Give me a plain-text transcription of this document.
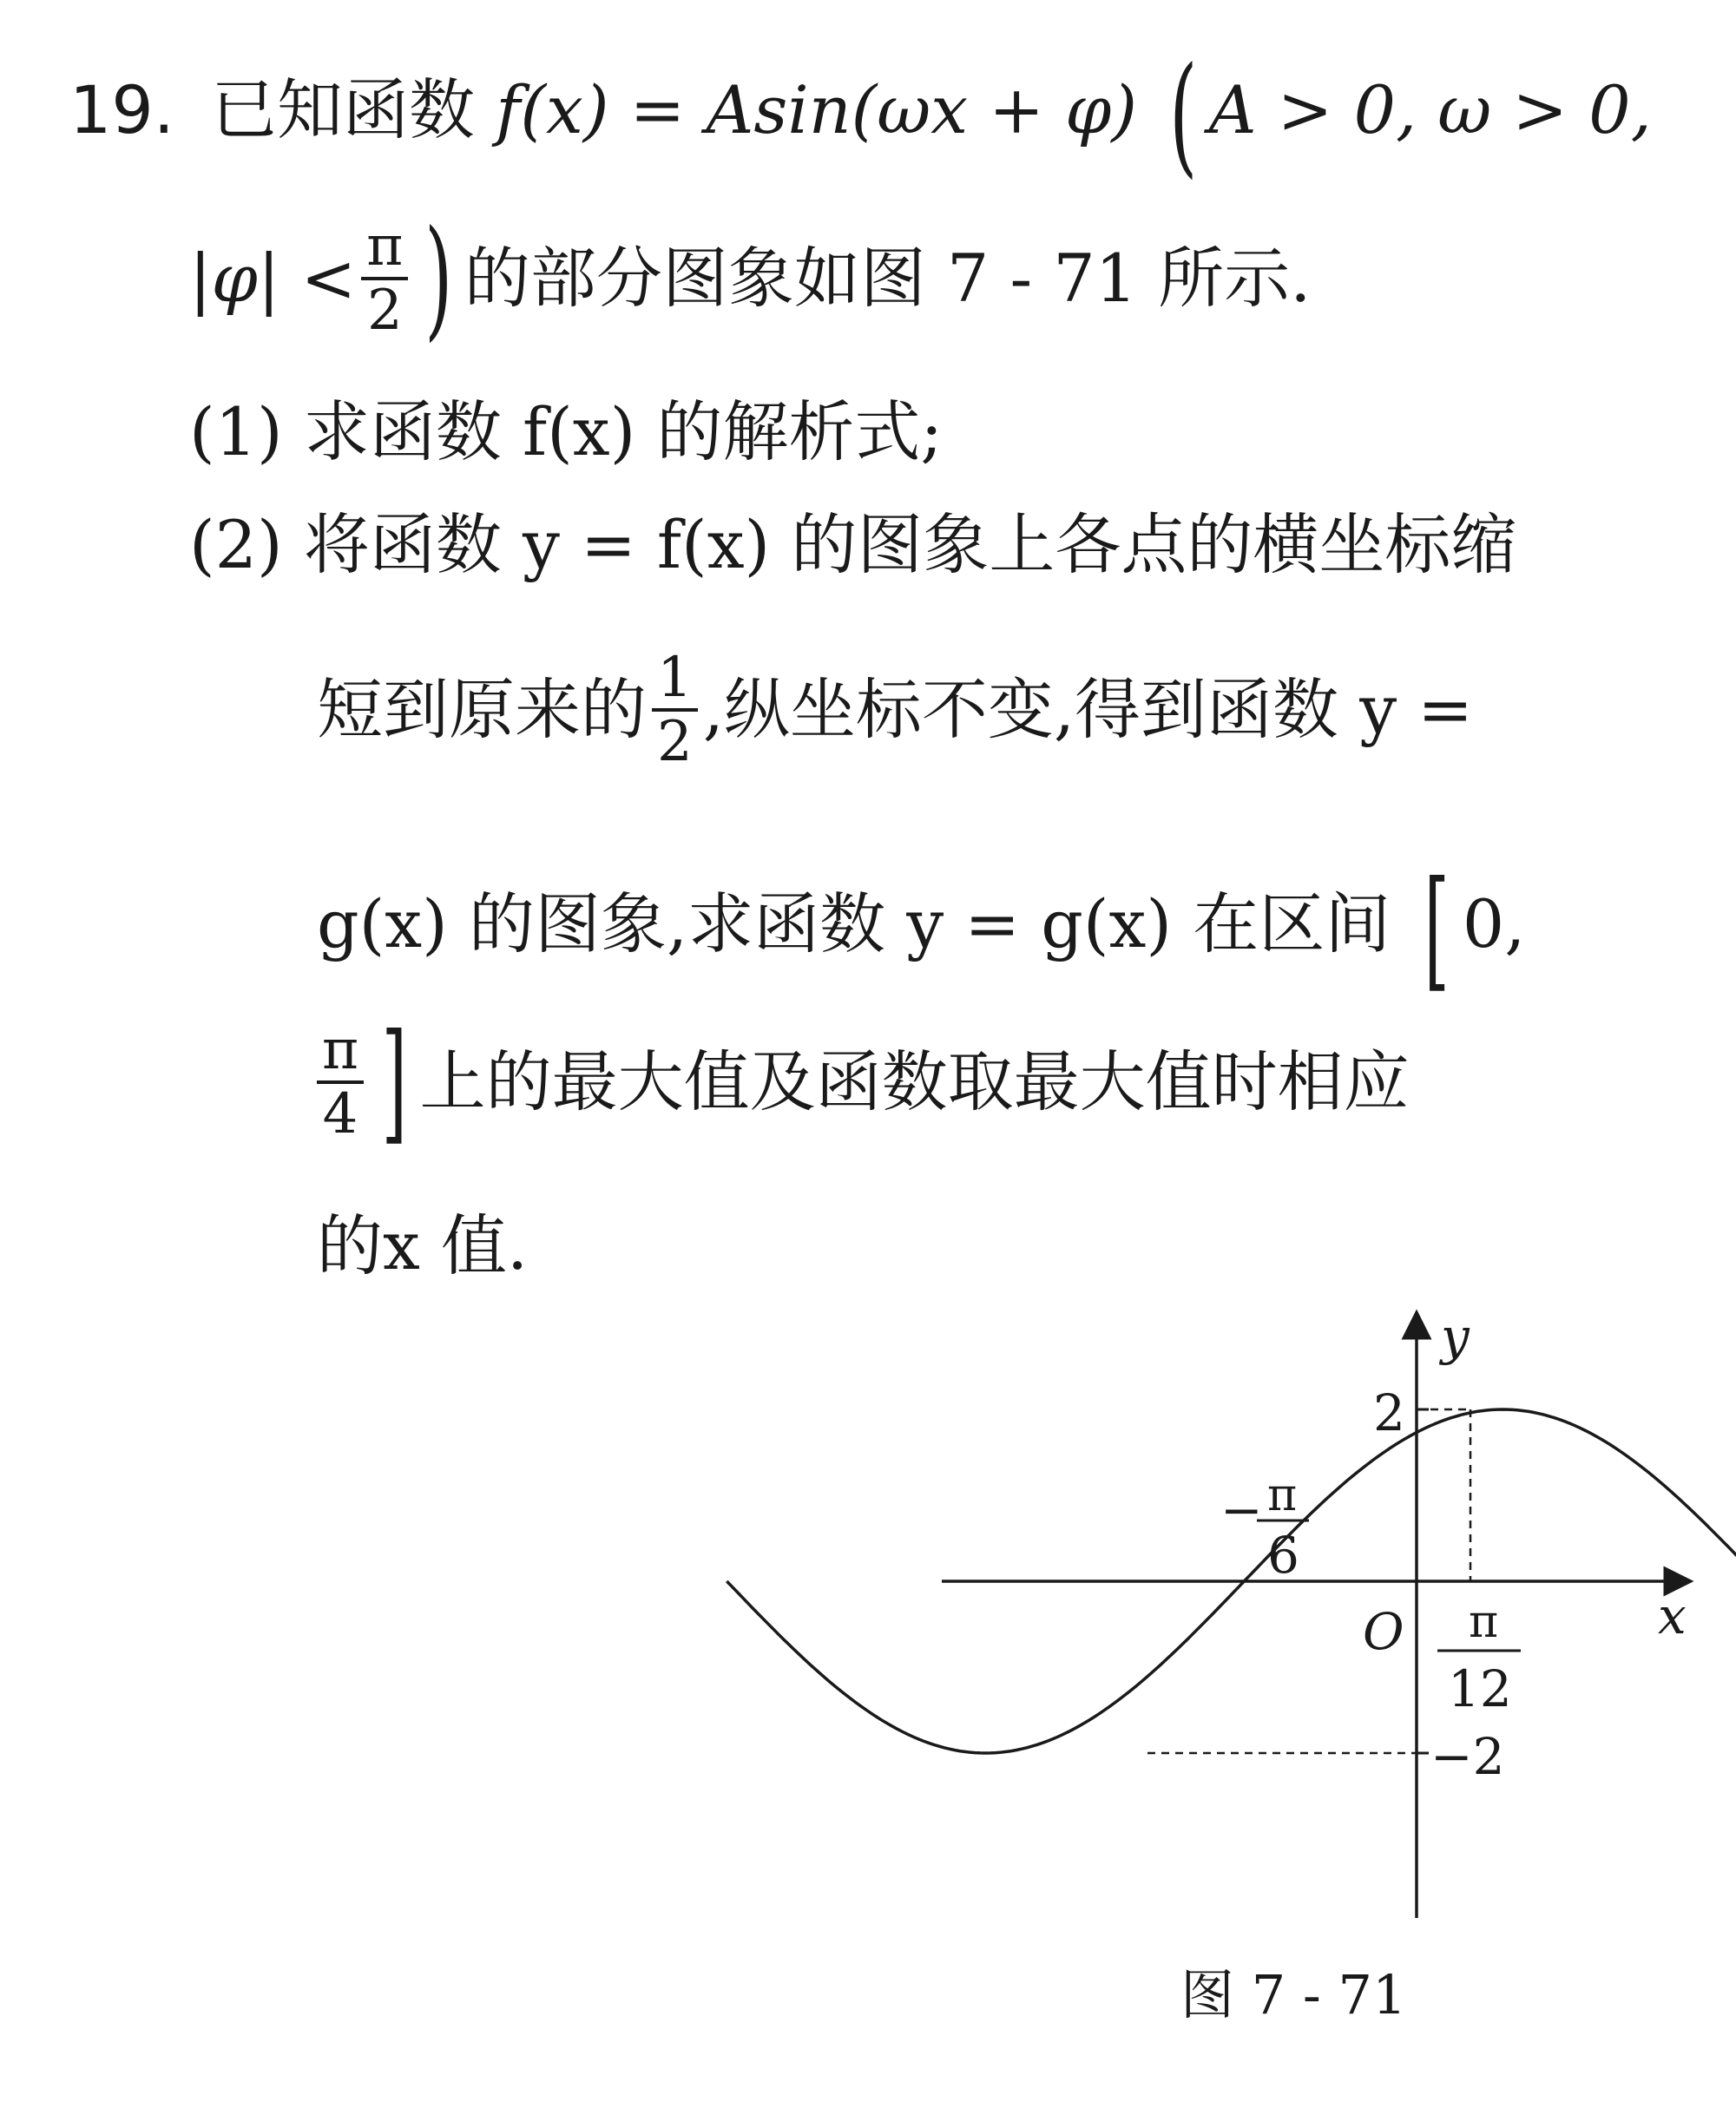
19. 已知函数 f(x) = Asin(ωx + φ) ( A > 0, ω > 0,
$|\varphi| < \frac{\pi}{2}$ ) 的部分图象如图 7 - 71 所示.
(1) 求函数 f(x) 的解析式;
(2) 将函数 y = f(x) 的图象上各点的横坐标缩
短到原来的 $\frac{1}{2}$ ,纵坐标不变,得到函数 y =
g(x) 的图象,求函数 y = g(x) 在区间 [ 0,
$\frac{\pi}{4}$ ] 上的最大值及函数取最大值时相应
的x 值.
y
x
O
2
−2
− π
6
π
12
图 7 - 71
